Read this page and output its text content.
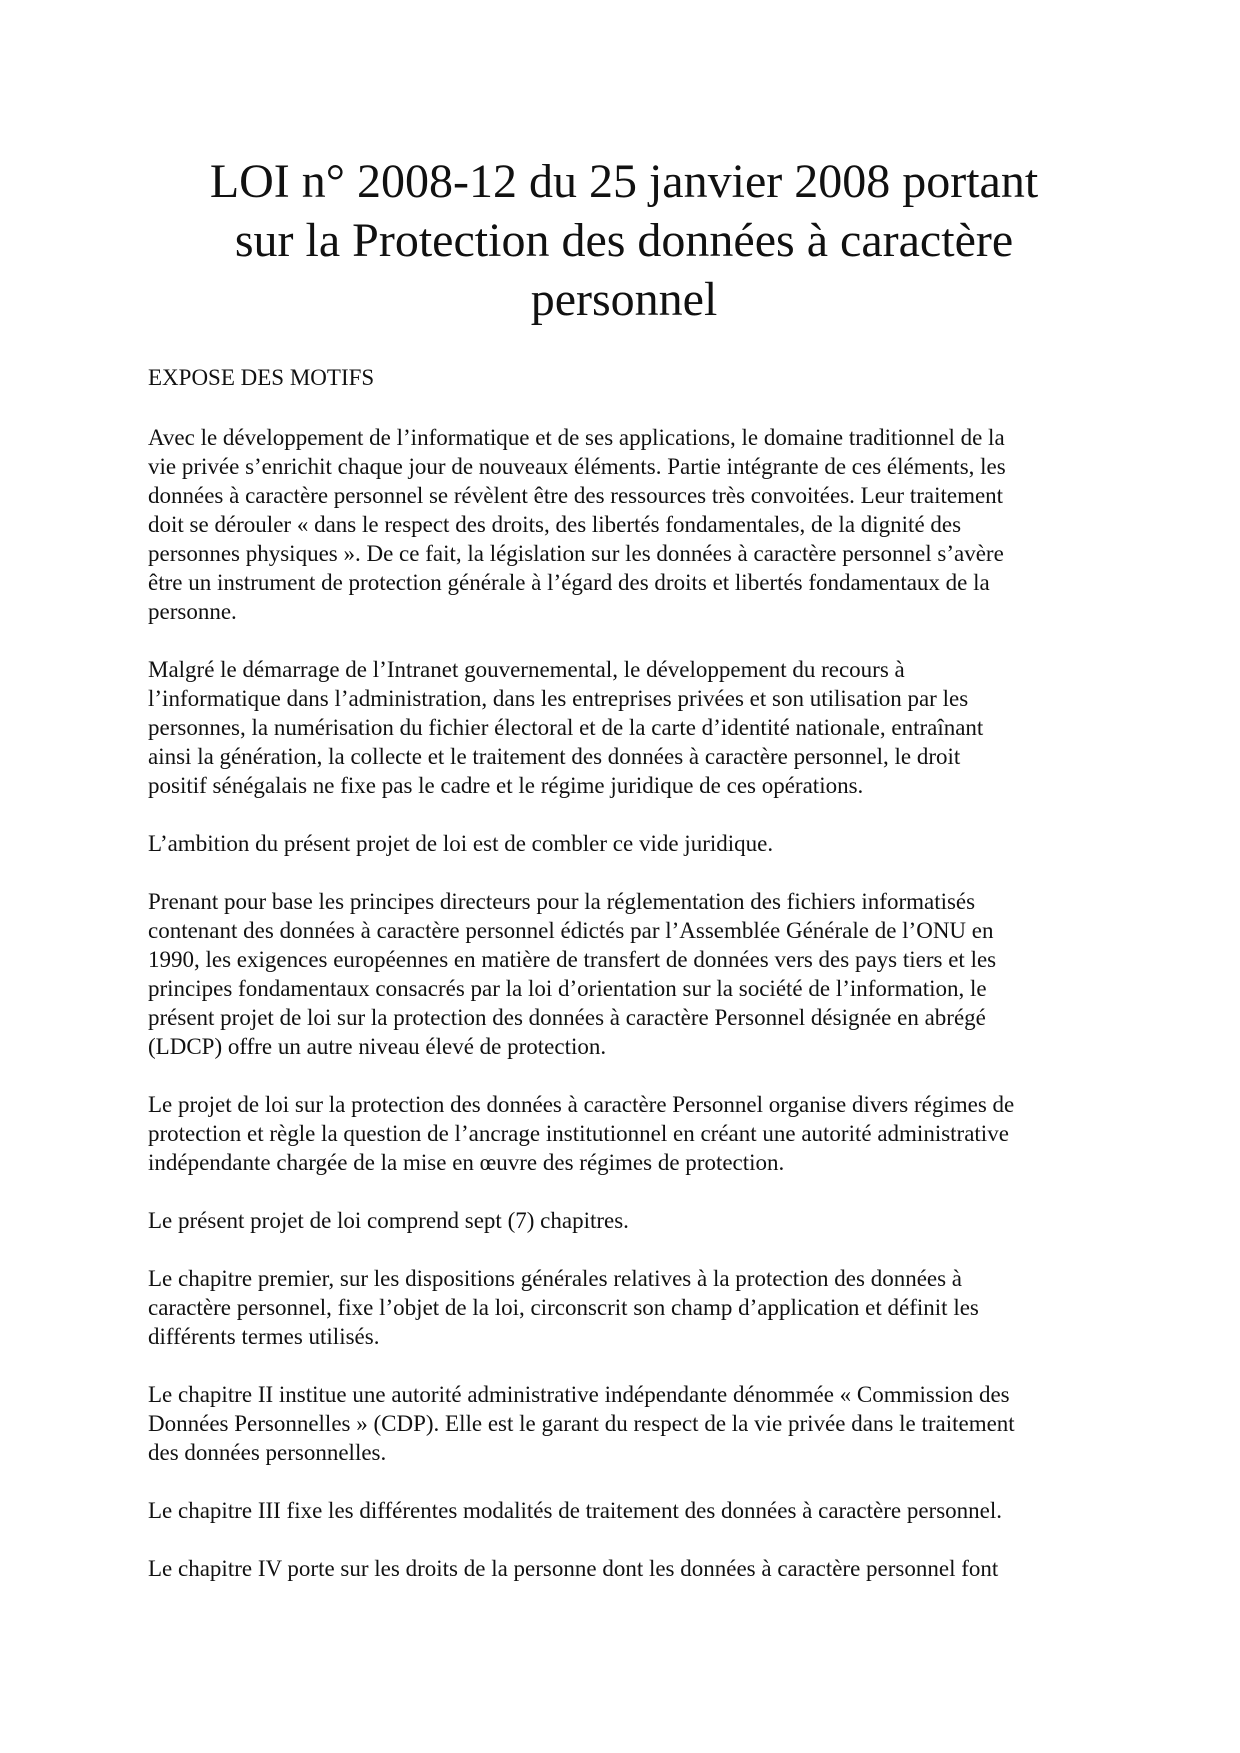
LOI n° 2008-12 du 25 janvier 2008 portant
sur la Protection des données à caractère
personnel
EXPOSE DES MOTIFS
Avec le développement de l’informatique et de ses applications, le domaine traditionnel de la
vie privée s’enrichit chaque jour de nouveaux éléments. Partie intégrante de ces éléments, les
données à caractère personnel se révèlent être des ressources très convoitées. Leur traitement
doit se dérouler « dans le respect des droits, des libertés fondamentales, de la dignité des
personnes physiques ». De ce fait, la législation sur les données à caractère personnel s’avère
être un instrument de protection générale à l’égard des droits et libertés fondamentaux de la
personne.
Malgré le démarrage de l’Intranet gouvernemental, le développement du recours à
l’informatique dans l’administration, dans les entreprises privées et son utilisation par les
personnes, la numérisation du fichier électoral et de la carte d’identité nationale, entraînant
ainsi la génération, la collecte et le traitement des données à caractère personnel, le droit
positif sénégalais ne fixe pas le cadre et le régime juridique de ces opérations.
L’ambition du présent projet de loi est de combler ce vide juridique.
Prenant pour base les principes directeurs pour la réglementation des fichiers informatisés
contenant des données à caractère personnel édictés par l’Assemblée Générale de l’ONU en
1990, les exigences européennes en matière de transfert de données vers des pays tiers et les
principes fondamentaux consacrés par la loi d’orientation sur la société de l’information, le
présent projet de loi sur la protection des données à caractère Personnel désignée en abrégé
(LDCP) offre un autre niveau élevé de protection.
Le projet de loi sur la protection des données à caractère Personnel organise divers régimes de
protection et règle la question de l’ancrage institutionnel en créant une autorité administrative
indépendante chargée de la mise en œuvre des régimes de protection.
Le présent projet de loi comprend sept (7) chapitres.
Le chapitre premier, sur les dispositions générales relatives à la protection des données à
caractère personnel, fixe l’objet de la loi, circonscrit son champ d’application et définit les
différents termes utilisés.
Le chapitre II institue une autorité administrative indépendante dénommée « Commission des
Données Personnelles » (CDP). Elle est le garant du respect de la vie privée dans le traitement
des données personnelles.
Le chapitre III fixe les différentes modalités de traitement des données à caractère personnel.
Le chapitre IV porte sur les droits de la personne dont les données à caractère personnel font
